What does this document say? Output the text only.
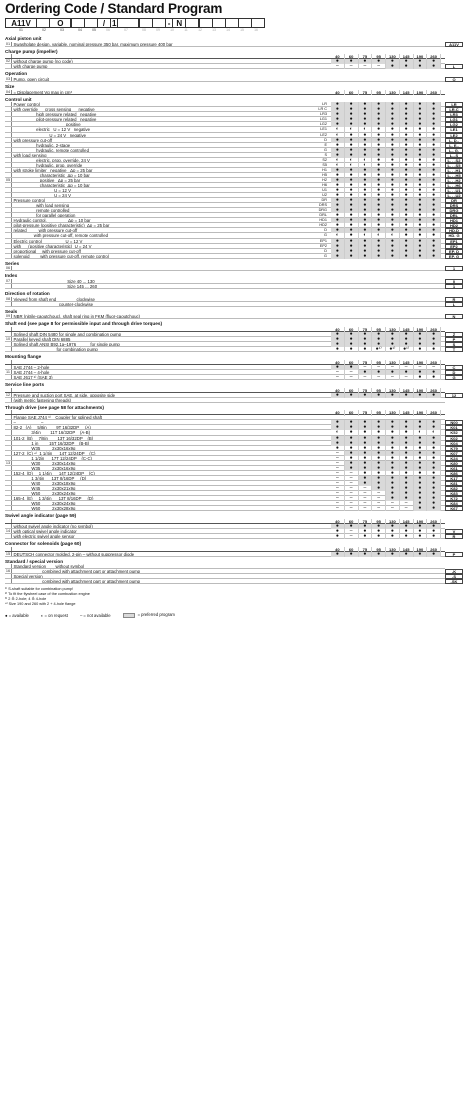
Ordering Code / Standard Program
A11V	O	/ 1	- N
01	02	03	04	05	06	07	08	09	10	11	12	13	14	15	16
Axial piston unit
01 Swashplate design, variable, nominal pressure 350 bar, maximum pressure 400 bar	A11V
Charge pump (impeller)
40	60	75	95	130	145	190	260
02 without charge pump (no code)	●	●	●	●	●	●	●	●
with charge pump	–	–	–	–	●	●	●	●	L
Operation
03 Pump, open circuit	O
Size
04 = Displacement Vg max in cm³	40	60	75	95	130	145	190	260
Control unit
Power control	LR	●	●	●	●	●	●	●	●	LR
with override      cross sensing      negative	LR C	●	●	●	●	●	●	●	●	LR.C
high pressure related   negative	LR3	●	●	●	●	●	●	●	●	LR3
pilot-pressure related   negative	LG1	●	●	●	●	●	●	●	●	LG1
positive	LG2	●	●	●	●	●	●	●	●	LG2
electric   U = 12 V   negative	LE1	◐	◐	◐	●	●	●	●	●	LE1
U = 24 V   negative	LE2	◐	●	●	●	●	●	●	●	LE2
with pressure cut-off	D	●	●	●	●	●	●	●	●	L. D..
hydraulic, 2-stage	E	●	●	●	●	●	●	●	●	L. E..
hydraulic, remote controlled	G	●	●	●	●	●	●	●	●	L.. G.
with load sensing	S	●	●	●	●	●	●	●	●	L...S
electric, prop. override, 24 V	S2	◐	◐	◐	●	●	●	●	●	L. . .S2
hydraulic, prop. override	S5	◐	◐	◐	●	●	●	●	●	L. . .S5
with stroke limiter   negative   Δp = 25 bar	H1	●	●	●	●	●	●	●	●	L. . .H1
characteristic  Δp = 10 bar	H5	●	●	●	●	●	●	●	●	L. . .H5
05 positive   Δp = 25 bar	H2	●	●	●	●	●	●	●	●	L. . .H2
characteristic  Δp = 10 bar	H6	●	●	●	●	●	●	●	●	L. . .H6
U = 12 V	U1	●	●	●	●	●	●	●	●	L. . .U1
U = 24 V	U2	●	●	●	●	●	●	●	●	L. . .U2
Pressure control	DR	●	●	●	●	●	●	●	●	DR
with load sensing	DRS	●	●	●	●	●	●	●	●	DRS
remote controlled	DRG	●	●	●	●	●	●	●	●	DRG
for parallel operation	DRL	●	●	●	●	●	●	●	●	DRL
Hydraulic control,                  Δp = 10 bar	HD1	●	●	●	●	●	●	●	●	HD1
pilot-pressure (positive characteristic)  Δp = 25 bar	HD2	●	●	●	●	●	●	●	●	HD2
related          with pressure cut-off	D	●	●	●	●	●	●	●	●	HD.D
with pressure cut-off, remote controlled	G	◐	●	◐	◐	◐	●	●	●	HD. G
Electric control                    U = 12 V	EP1	●	●	●	●	●	●	●	●	EP1
with      (positive characteristic)  U = 24 V	EP2	●	●	●	●	●	●	●	●	EP2
proportional     with pressure cut-off	D	●	●	●	●	●	●	●	●	EP. D
solenoid         with pressure cut-off, remote control	G	●	●	●	●	●	●	●	●	EP. G
Series
06	1
Index
07 Size 40 ... 130	0
Size 145 ... 260	1
Direction of rotation
08 Viewed from shaft end                 clockwise	R
counter-clockwise	L
Seals
09 NBR (nitrile-caoutchouc), shaft seal ring in FKM (fluor-caoutchouc)	N
Shaft end (see page 8 for permissible input and through drive torques)
40	60	75	95	130	145	190	260
Splined shaft DIN 5480 for single and combination pump	●	●	●	●	●	●	●	●	Z
10 Parallel keyed shaft DIN 6885	●	●	●	●	●	●	●	●	P
Splined shaft ANSI B92.1a–1976            for single pump	●	●	●	●	●	●	●	●	S
for combination pump	●	●	●	●¹⁾	●¹⁾	●¹⁾	●	●	T
Mounting flange
40	60	75	95	130	145	190	260
SAE J744 – 2-hole	●	●	–	–	–	–	–	–	C
11 SAE J744 – 4-hole	–	–	●	●	●	●	●	●	D
SAE J617 ²⁾ (SAE 3)	–	–	–	–	–	–	●	●	G
Service line ports
40	60	75	95	130	145	190	260
12 Pressure and suction port SAE, at side, opposite side	●	●	●	●	●	●	●	●	12
(with metric fastening threads)
Through drive (see page 58 for attachments)
40	60	75	95	130	145	190	260
Flange SAE J744 ³⁾    Coupler for splined shaft
–                     –	●	●	●	●	●	●	●	●	N00
82-2   (A)     5/8in        9T 16/32DP     (A)	●	●	●	●	●	●	●	●	K01
3/4in        11T 16/32DP    (A-B)	◐	●	●	●	●	●	◐	◐	K52
101-2  (B)     7/8in        13T 16/32DP    (B)	●	●	●	●	●	●	●	●	K02
1 in         15T 16/32DP    (B-B)	●	●	●	●	●	●	●	●	K04
W35          2x30x16x9g	●	●	●	●	●	●	●	●	K79
127-2  (C) ⁴⁾  1 1/4in      14T 12/24DP    (C)	–	●	●	●	●	●	●	●	K07
1 1/2in      17T 12/24DP    (C-C)	–	●	●	●	●	●	●	●	K24
13 W30          2x30x14x9g	–	●	●	●	●	●	●	●	K80
W35          2x30x16x9g	–	●	●	●	●	●	●	●	K61
152-4  (D)     1 1/4in      14T 12/24DP    (C)	–	–	●	●	●	●	●	●	K86
1 3/4in      13T 8/16DP     (D)	–	–	●	●	●	●	●	●	K17
W40          2x30x18x9g	–	–	●	●	●	●	●	●	K81
W45          2x30x21x9g	–	–	–	●	●	●	●	●	K82
W50          2x30x24x9g	–	–	–	–	●	●	●	●	K83
165-4  (E)     1 3/4in      13T 8/16DP     (D)	–	–	–	–	●	●	●	●	K72
W50          2x30x24x9g	–	–	–	–	–	–	●	●	K84
W60          2x30x28x9g	–	–	–	–	–	–	●	●	K67
Swivel angle indicator (page 59)
40	60	75	95	130	145	190	260
without swivel angle indicator (no symbol)	●	●	●	●	●	●	●	●
14 with optical swivel angle indicator	●	–	●	●	●	●	●	●	V
with electric swivel angle sensor	●	–	●	●	●	●	●	●	R
Connector for solenoids (page 60)
40	60	75	95	130	145	190	260
15 DEUTSCH connector molded, 2-pin – without suppressor diode	●	●	●	●	●	●	●	●	P
Standard / special version
Standard version        without symbol
16 combined with attachment part or attachment pump	-K
Special version	-S
combined with attachment part or attachment pump	-SK
¹⁾ S-shaft suitable for combination pump!
²⁾ To fit the flywheel case of the combustion engine
³⁾ 2 ≙ 2-hole; 4 ≙ 4-hole
⁴⁾ Size 190 and 260 with 2 + 4-hole flange
● = available	◐ = on request	– = not available	= preferred program
